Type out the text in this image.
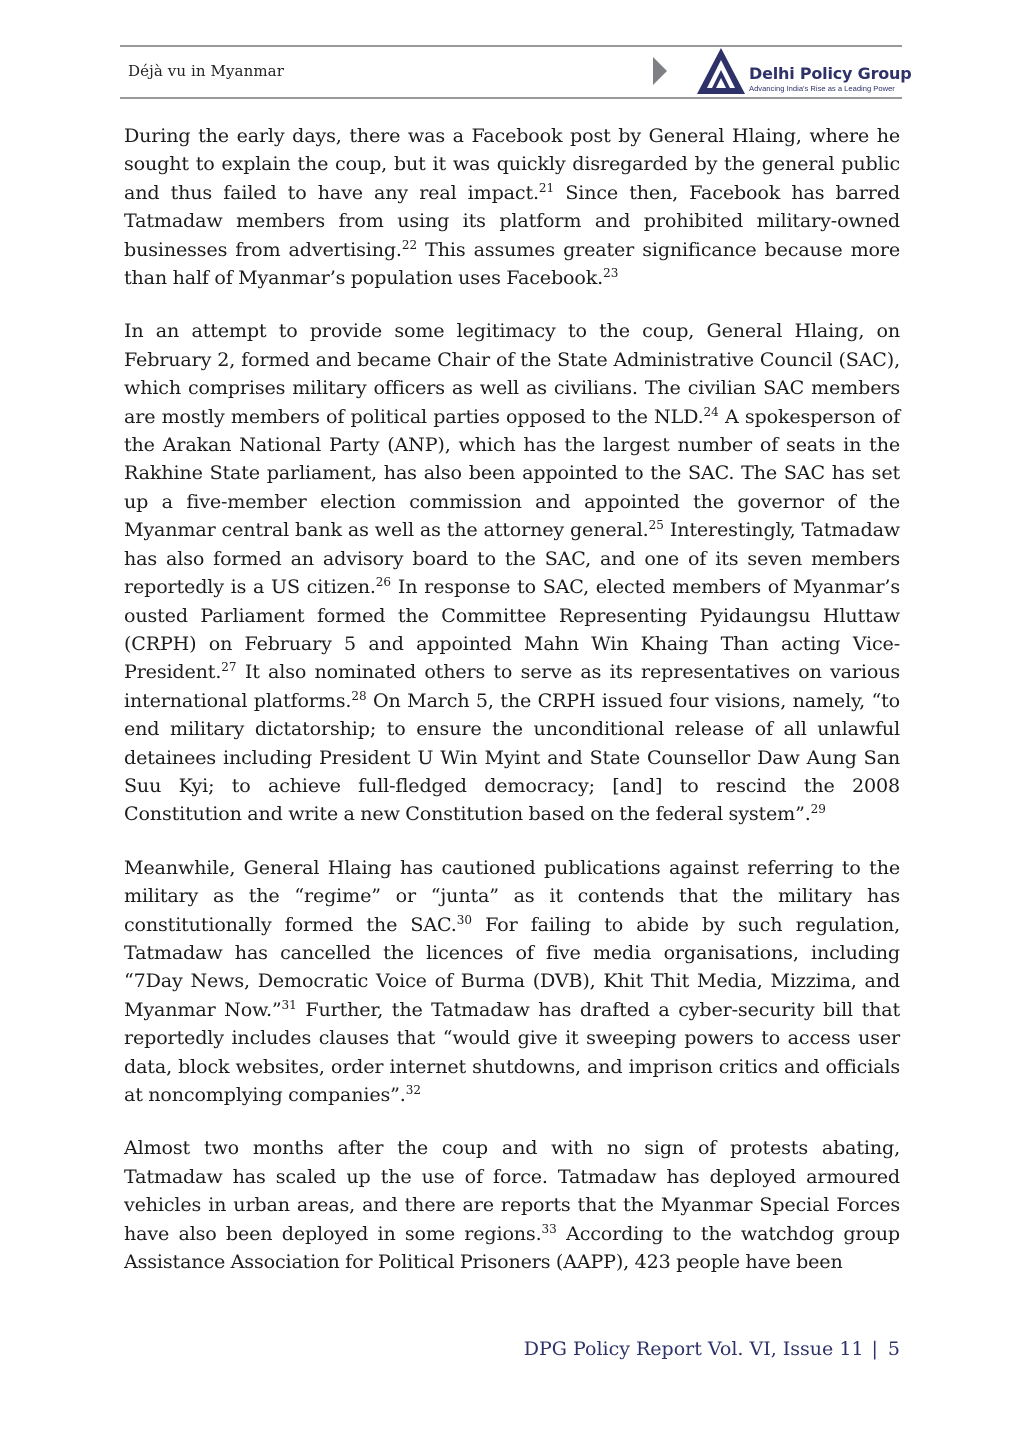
Déjà vu in Myanmar	Delhi Policy Group
Advancing India's Rise as a Leading Power

During the early days, there was a Facebook post by General Hlaing, where he sought to explain the coup, but it was quickly disregarded by the general public and thus failed to have any real impact.$^{21}$ Since then, Facebook has barred Tatmadaw members from using its platform and prohibited military-owned businesses from advertising.$^{22}$ This assumes greater significance because more than half of Myanmar’s population uses Facebook.$^{23}$

In an attempt to provide some legitimacy to the coup, General Hlaing, on February 2, formed and became Chair of the State Administrative Council (SAC), which comprises military officers as well as civilians. The civilian SAC members are mostly members of political parties opposed to the NLD.$^{24}$ A spokesperson of the Arakan National Party (ANP), which has the largest number of seats in the Rakhine State parliament, has also been appointed to the SAC. The SAC has set up a five-member election commission and appointed the governor of the Myanmar central bank as well as the attorney general.$^{25}$ Interestingly, Tatmadaw has also formed an advisory board to the SAC, and one of its seven members reportedly is a US citizen.$^{26}$ In response to SAC, elected members of Myanmar’s ousted Parliament formed the Committee Representing Pyidaungsu Hluttaw (CRPH) on February 5 and appointed Mahn Win Khaing Than acting Vice-President.$^{27}$ It also nominated others to serve as its representatives on various international platforms.$^{28}$ On March 5, the CRPH issued four visions, namely, “to end military dictatorship; to ensure the unconditional release of all unlawful detainees including President U Win Myint and State Counsellor Daw Aung San Suu Kyi; to achieve full-fledged democracy; [and] to rescind the 2008 Constitution and write a new Constitution based on the federal system”.$^{29}$

Meanwhile, General Hlaing has cautioned publications against referring to the military as the “regime” or “junta” as it contends that the military has constitutionally formed the SAC.$^{30}$ For failing to abide by such regulation, Tatmadaw has cancelled the licences of five media organisations, including “7Day News, Democratic Voice of Burma (DVB), Khit Thit Media, Mizzima, and Myanmar Now.”$^{31}$ Further, the Tatmadaw has drafted a cyber-security bill that reportedly includes clauses that “would give it sweeping powers to access user data, block websites, order internet shutdowns, and imprison critics and officials at noncomplying companies”.$^{32}$

Almost two months after the coup and with no sign of protests abating, Tatmadaw has scaled up the use of force. Tatmadaw has deployed armoured vehicles in urban areas, and there are reports that the Myanmar Special Forces have also been deployed in some regions.$^{33}$ According to the watchdog group Assistance Association for Political Prisoners (AAPP), 423 people have been

DPG Policy Report Vol. VI, Issue 11 | 5
